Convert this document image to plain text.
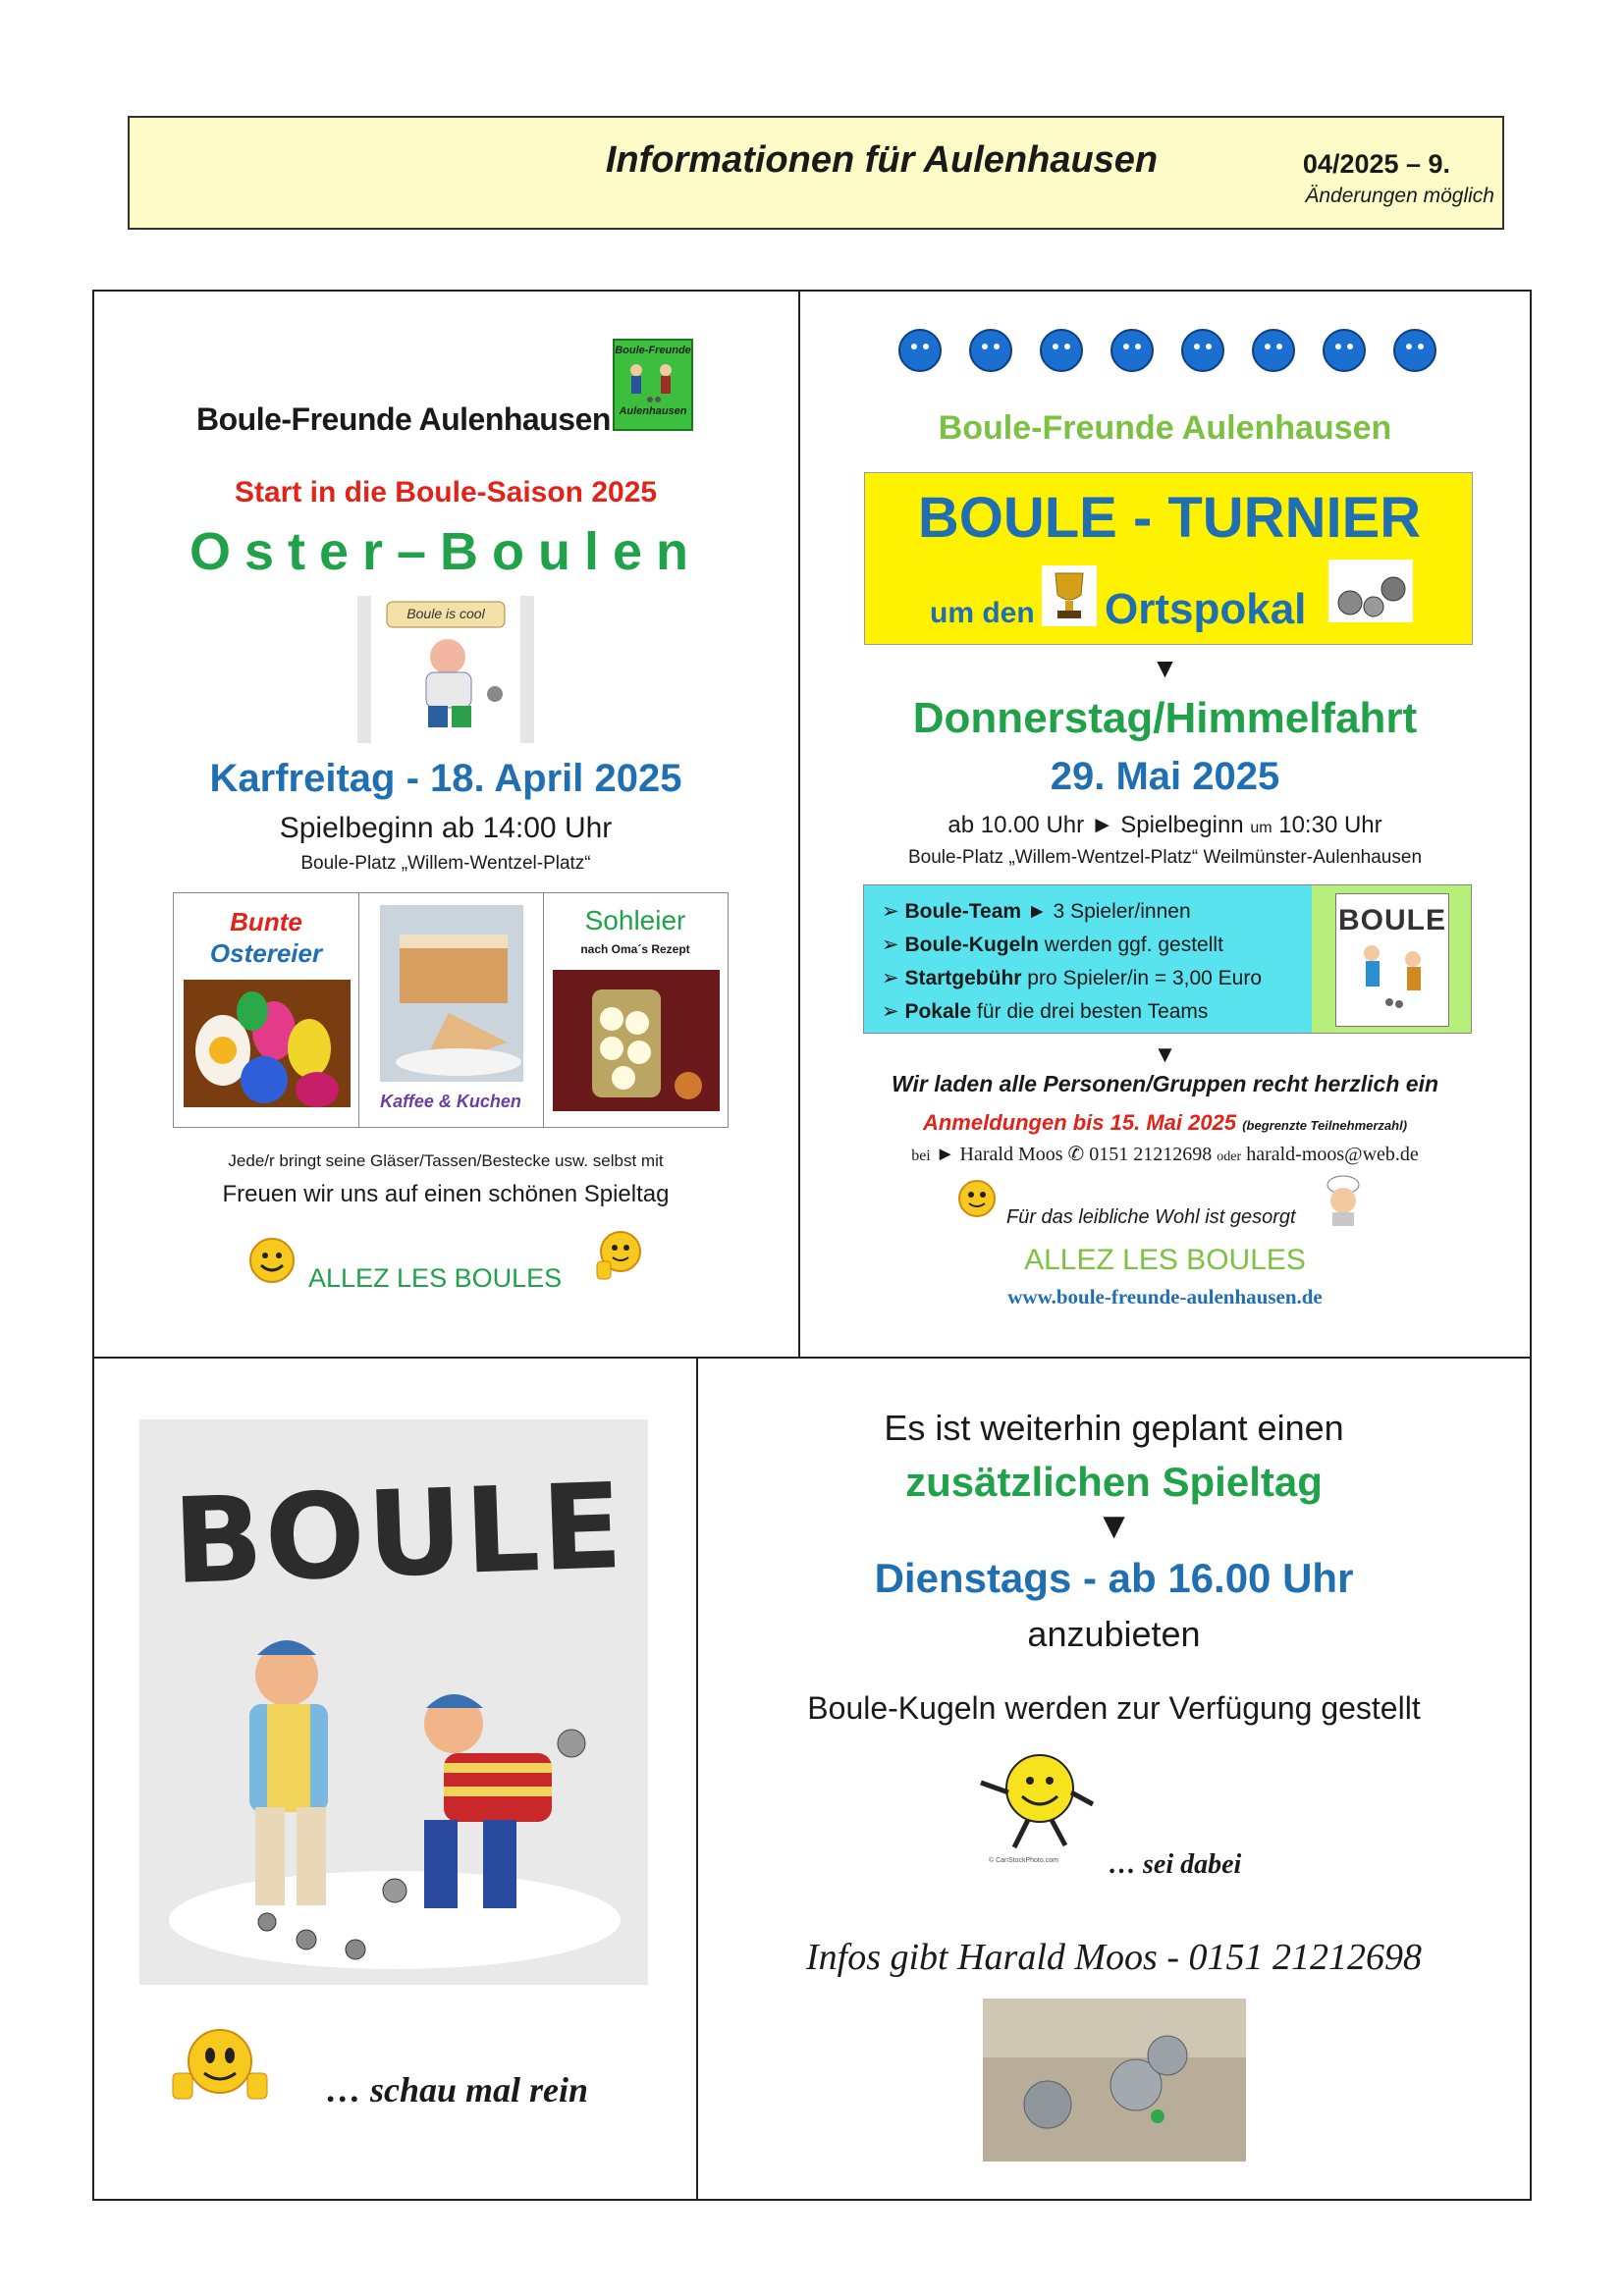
Informationen für Aulenhausen	04/2025 – 9.
Änderungen möglich
Boule-Freunde Aulenhausen
Boule-Freunde
Aulenhausen
Start in die Boule-Saison 2025
Oster–Boulen
Boule is cool
Karfreitag - 18. April 2025
Spielbeginn ab 14:00 Uhr
Boule-Platz „Willem-Wentzel-Platz“
Bunte
Ostereier
Kaffee & Kuchen
Sohleier
nach Oma´s Rezept
Jede/r bringt seine Gläser/Tassen/Bestecke usw. selbst mit
Freuen wir uns auf einen schönen Spieltag
ALLEZ LES BOULES
Boule-Freunde Aulenhausen
BOULE - TURNIER
um den Ortspokal
▼
Donnerstag/Himmelfahrt
29. Mai 2025
ab 10.00 Uhr ► Spielbeginn um 10:30 Uhr
Boule-Platz „Willem-Wentzel-Platz“ Weilmünster-Aulenhausen
➢ Boule-Team ► 3 Spieler/innen
➢ Boule-Kugeln werden ggf. gestellt
➢ Startgebühr pro Spieler/in = 3,00 Euro
➢ Pokale für die drei besten Teams
BOULE
▼
Wir laden alle Personen/Gruppen recht herzlich ein
Anmeldungen bis 15. Mai 2025 (begrenzte Teilnehmerzahl)
bei ► Harald Moos ✆ 0151 21212698 oder harald-moos@web.de
Für das leibliche Wohl ist gesorgt
ALLEZ LES BOULES
www.boule-freunde-aulenhausen.de
BOULE
… schau mal rein
Es ist weiterhin geplant einen
zusätzlichen Spieltag
▼
Dienstags - ab 16.00 Uhr
anzubieten
Boule-Kugeln werden zur Verfügung gestellt
© CanStockPhoto.com … sei dabei
Infos gibt Harald Moos - 0151 21212698
